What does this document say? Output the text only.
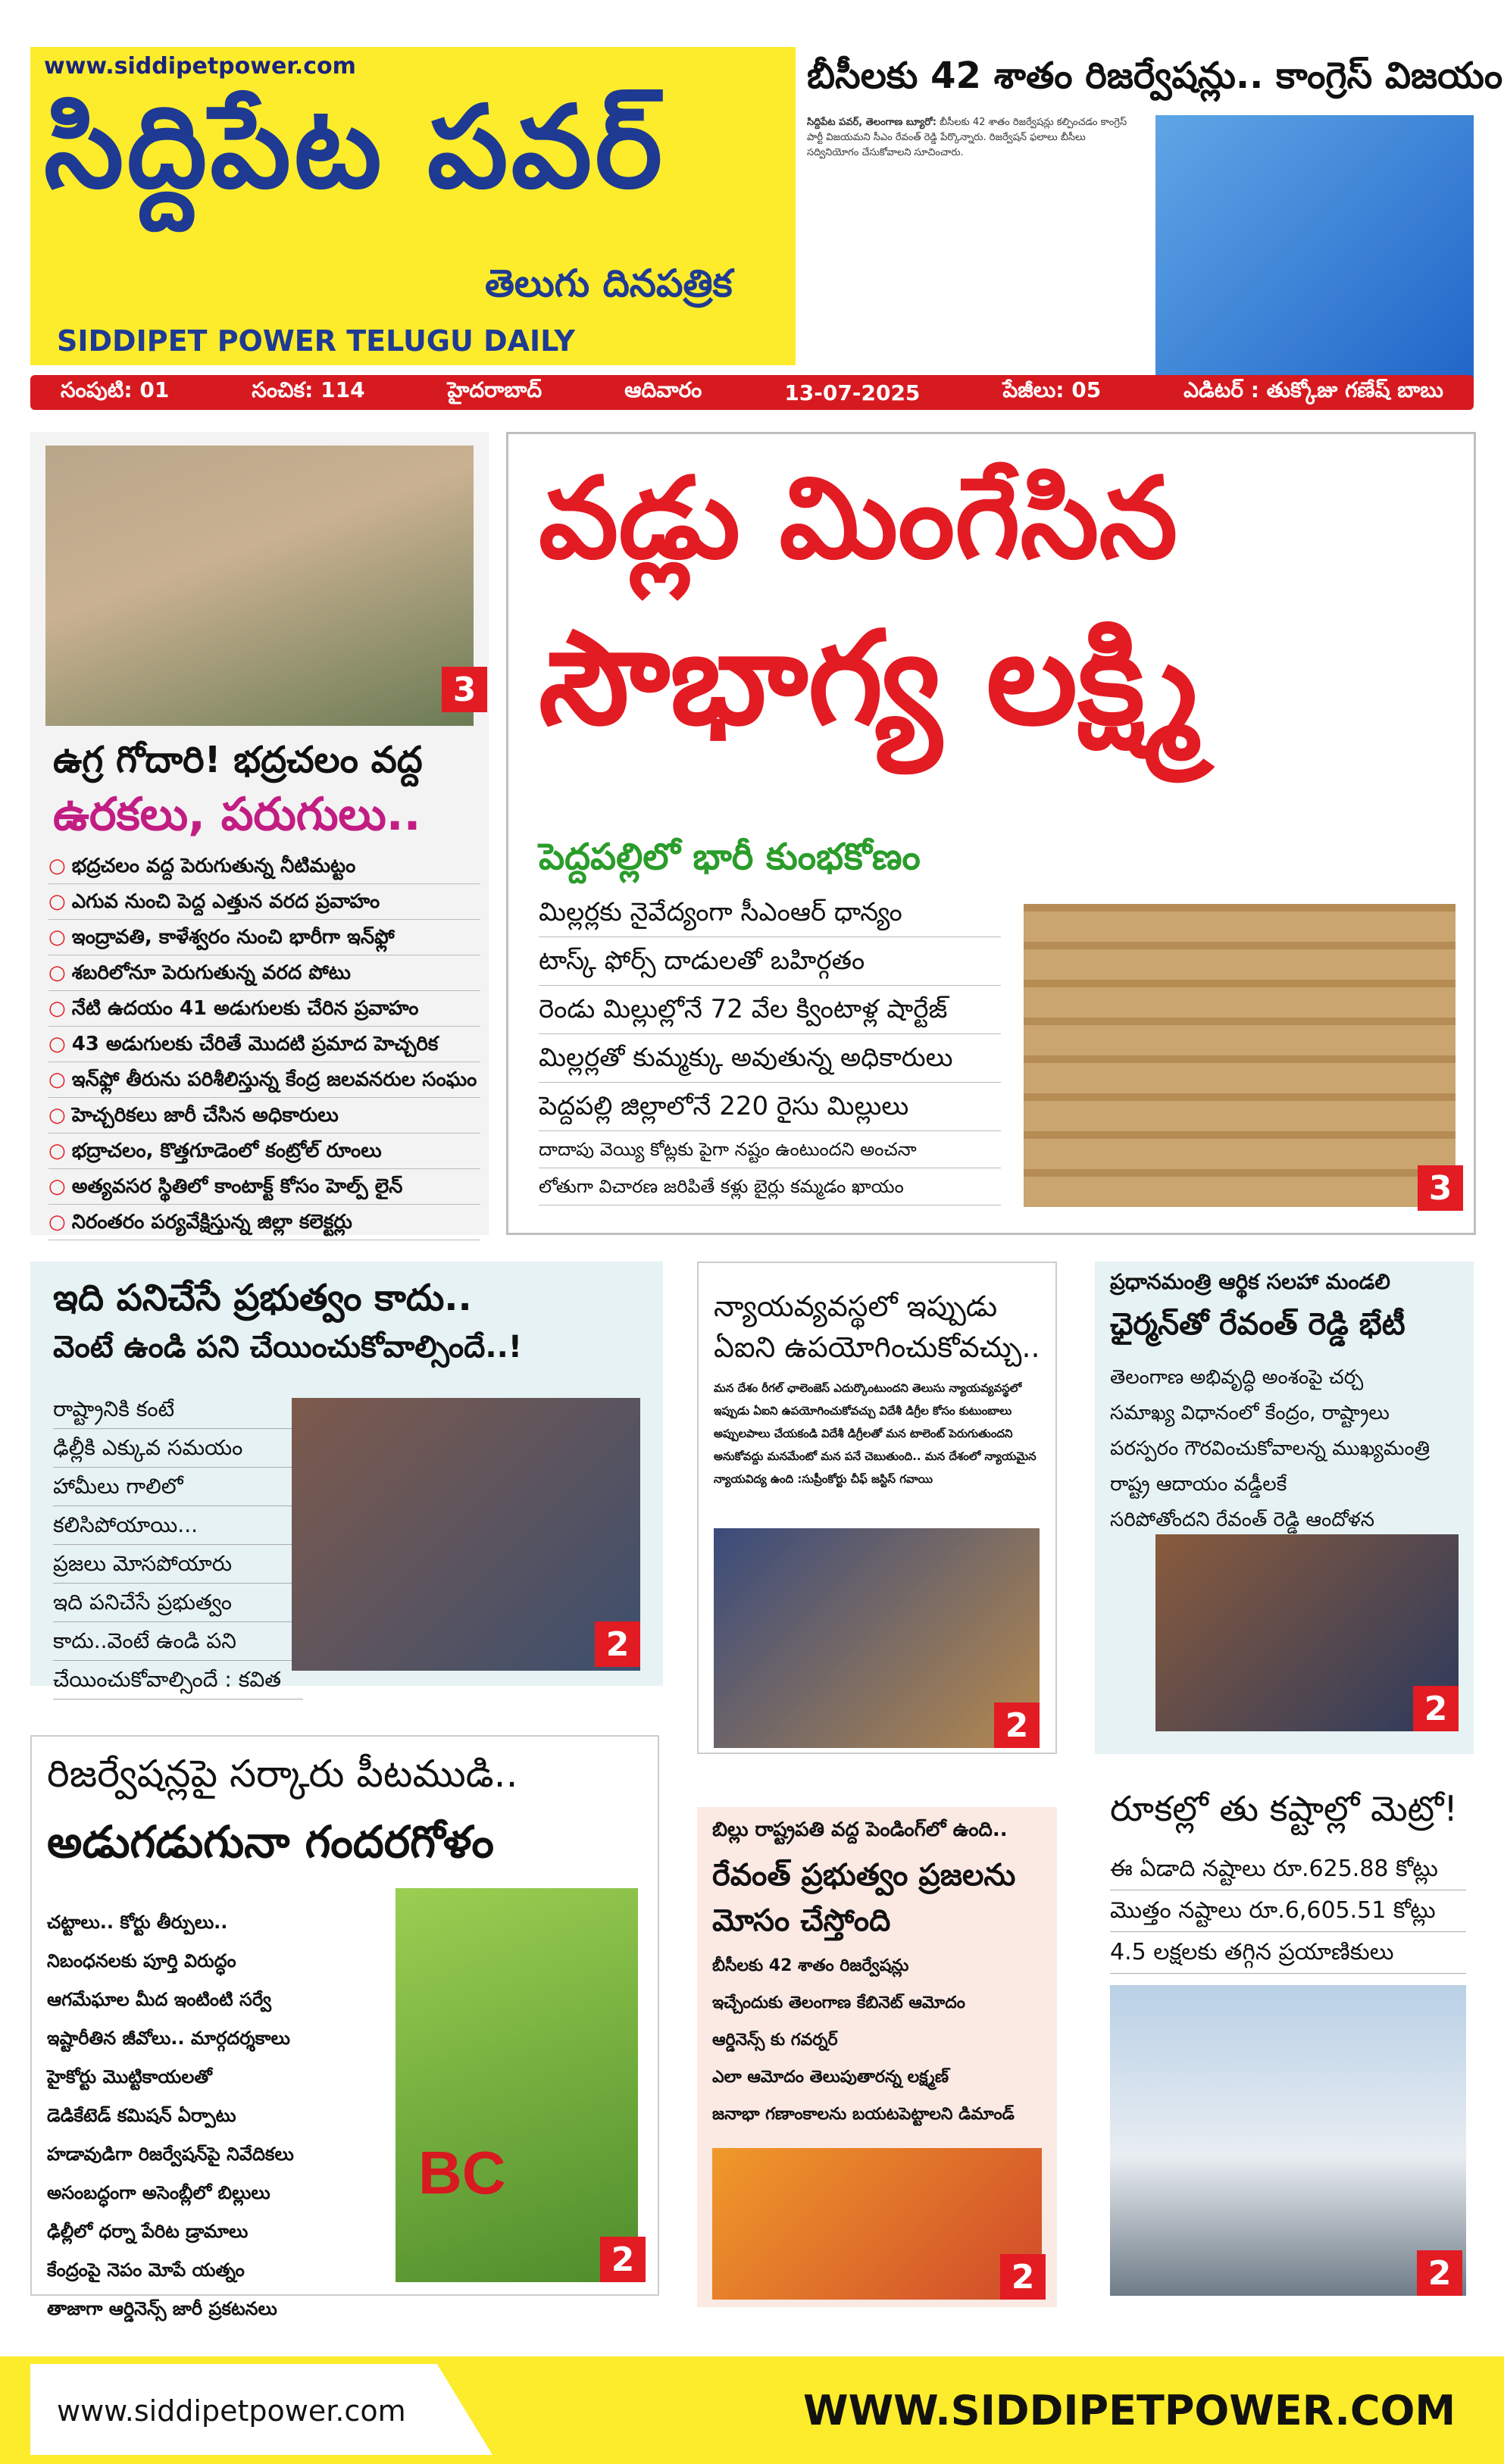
www.siddipetpower.com
సిద్దిపేట పవర్
తెలుగు దినపత్రిక
SIDDIPET POWER TELUGU DAILY
బీసీలకు 42 శాతం రిజర్వేషన్లు.. కాంగ్రెస్ విజయం
సిద్దిపేట పవర్, తెలంగాణ బ్యూరో: బీసీలకు 42 శాతం రిజర్వేషన్లు కల్పించడం కాంగ్రెస్ పార్టీ విజయమని సీఎం రేవంత్ రెడ్డి పేర్కొన్నారు. రిజర్వేషన్ ఫలాలు బీసీలు సద్వినియోగం చేసుకోవాలని సూచించారు.
సంపుటి: 01	సంచిక: 114	హైదరాబాద్	ఆదివారం	13-07-2025	పేజీలు: 05	ఎడిటర్ : తుక్కోజు గణేష్ బాబు
3
ఉగ్ర గోదారి! భద్రచలం వద్ద
ఉరకలు, పరుగులు..
○ భద్రచలం వద్ద పెరుగుతున్న నీటిమట్టం
○ ఎగువ నుంచి పెద్ద ఎత్తున వరద ప్రవాహం
○ ఇంద్రావతి, కాళేశ్వరం నుంచి భారీగా ఇన్‌ఫ్లో
○ శబరిలోనూ పెరుగుతున్న వరద పోటు
○ నేటి ఉదయం 41 అడుగులకు చేరిన ప్రవాహం
○ 43 అడుగులకు చేరితే మొదటి ప్రమాద హెచ్చరిక
○ ఇన్‌ఫ్లో తీరును పరిశీలిస్తున్న కేంద్ర జలవనరుల సంఘం
○ హెచ్చరికలు జారీ చేసిన అధికారులు
○ భద్రాచలం, కొత్తగూడెంలో కంట్రోల్ రూంలు
○ అత్యవసర స్థితిలో కాంటాక్ట్ కోసం హెల్ప్ లైన్
○ నిరంతరం పర్యవేక్షిస్తున్న జిల్లా కలెక్టర్లు
వడ్లు మింగేసిన
సౌభాగ్య లక్ష్మి
పెద్దపల్లిలో భారీ కుంభకోణం
మిల్లర్లకు నైవేద్యంగా సీఎంఆర్ ధాన్యం
టాస్క్ ఫోర్స్ దాడులతో బహిర్గతం
రెండు మిల్లుల్లోనే 72 వేల క్వింటాళ్ల షార్టేజ్
మిల్లర్లతో కుమ్మక్కు అవుతున్న అధికారులు
పెద్దపల్లి జిల్లాలోనే 220 రైసు మిల్లులు
దాదాపు వెయ్యి కోట్లకు పైగా నష్టం ఉంటుందని అంచనా
లోతుగా విచారణ జరిపితే కళ్లు బైర్లు కమ్మడం ఖాయం	3
ఇది పనిచేసే ప్రభుత్వం కాదు..
వెంటే ఉండి పని చేయించుకోవాల్సిందే..!
రాష్ట్రానికి కంటే
ఢిల్లీకి ఎక్కువ సమయం
హామీలు గాలిలో
కలిసిపోయాయి...
ప్రజలు మోసపోయారు
ఇది పనిచేసే ప్రభుత్వం
కాదు..వెంటే ఉండి పని
చేయించుకోవాల్సిందే : కవిత
2
న్యాయవ్యవస్థలో ఇప్పుడు ఏఐని ఉపయోగించుకోవచ్చు..
మన దేశం రీగల్ ఛాలెంజెస్ ఎదుర్కొంటుందని తెలుసు న్యాయవ్యవస్థలో ఇప్పుడు ఏఐని ఉపయోగించుకోవచ్చు విదేశీ డిగ్రీల కోసం కుటుంబాలు అప్పులపాలు చేయకండి విదేశీ డిగ్రీలతో మన టాలెంట్ పెరుగుతుందని అనుకోవద్దు మనమేంటో మన పనే చెబుతుంది.. మన దేశంలో న్యాయమైన న్యాయవిద్య ఉంది :సుప్రీంకోర్టు చీఫ్ జస్టిస్ గవాయి
2
ప్రధానమంత్రి ఆర్థిక సలహా మండలి
ఛైర్మన్‌తో రేవంత్ రెడ్డి భేటీ
తెలంగాణ అభివృద్ధి అంశంపై చర్చ
సమాఖ్య విధానంలో కేంద్రం, రాష్ట్రాలు
పరస్పరం గౌరవించుకోవాలన్న ముఖ్యమంత్రి
రాష్ట్ర ఆదాయం వడ్డీలకే
సరిపోతోందని రేవంత్ రెడ్డి ఆందోళన
2
రిజర్వేషన్లపై సర్కారు పీటముడి..
అడుగడుగునా గందరగోళం
చట్టాలు.. కోర్టు తీర్పులు..
నిబంధనలకు పూర్తి విరుద్ధం
ఆగమేఘాల మీద ఇంటింటి సర్వే
ఇష్టారీతిన జీవోలు.. మార్గదర్శకాలు
హైకోర్టు మొట్టికాయలతో
డెడికేటెడ్ కమిషన్ ఏర్పాటు
హడావుడిగా రిజర్వేషన్‌పై నివేదికలు
అసంబద్ధంగా అసెంబ్లీలో బిల్లులు
ఢిల్లీలో ధర్నా పేరిట డ్రామాలు
కేంద్రంపై నెపం మోపే యత్నం
తాజాగా ఆర్డినెన్స్ జారీ ప్రకటనలు
BC
2
బిల్లు రాష్ట్రపతి వద్ద పెండింగ్‌లో ఉంది..
రేవంత్ ప్రభుత్వం ప్రజలను మోసం చేస్తోంది
బీసీలకు 42 శాతం రిజర్వేషన్లు
ఇచ్చేందుకు తెలంగాణ కేబినెట్ ఆమోదం
ఆర్డినెన్స్ కు గవర్నర్
ఎలా ఆమోదం తెలుపుతారన్న లక్ష్మణ్
జనాభా గణాంకాలను బయటపెట్టాలని డిమాండ్
2
రూకల్లో తు కష్టాల్లో మెట్రో!
ఈ ఏడాది నష్టాలు రూ.625.88 కోట్లు
మొత్తం నష్టాలు రూ.6,605.51 కోట్లు
4.5 లక్షలకు తగ్గిన ప్రయాణికులు
2
www.siddipetpower.com	WWW.SIDDIPETPOWER.COM
